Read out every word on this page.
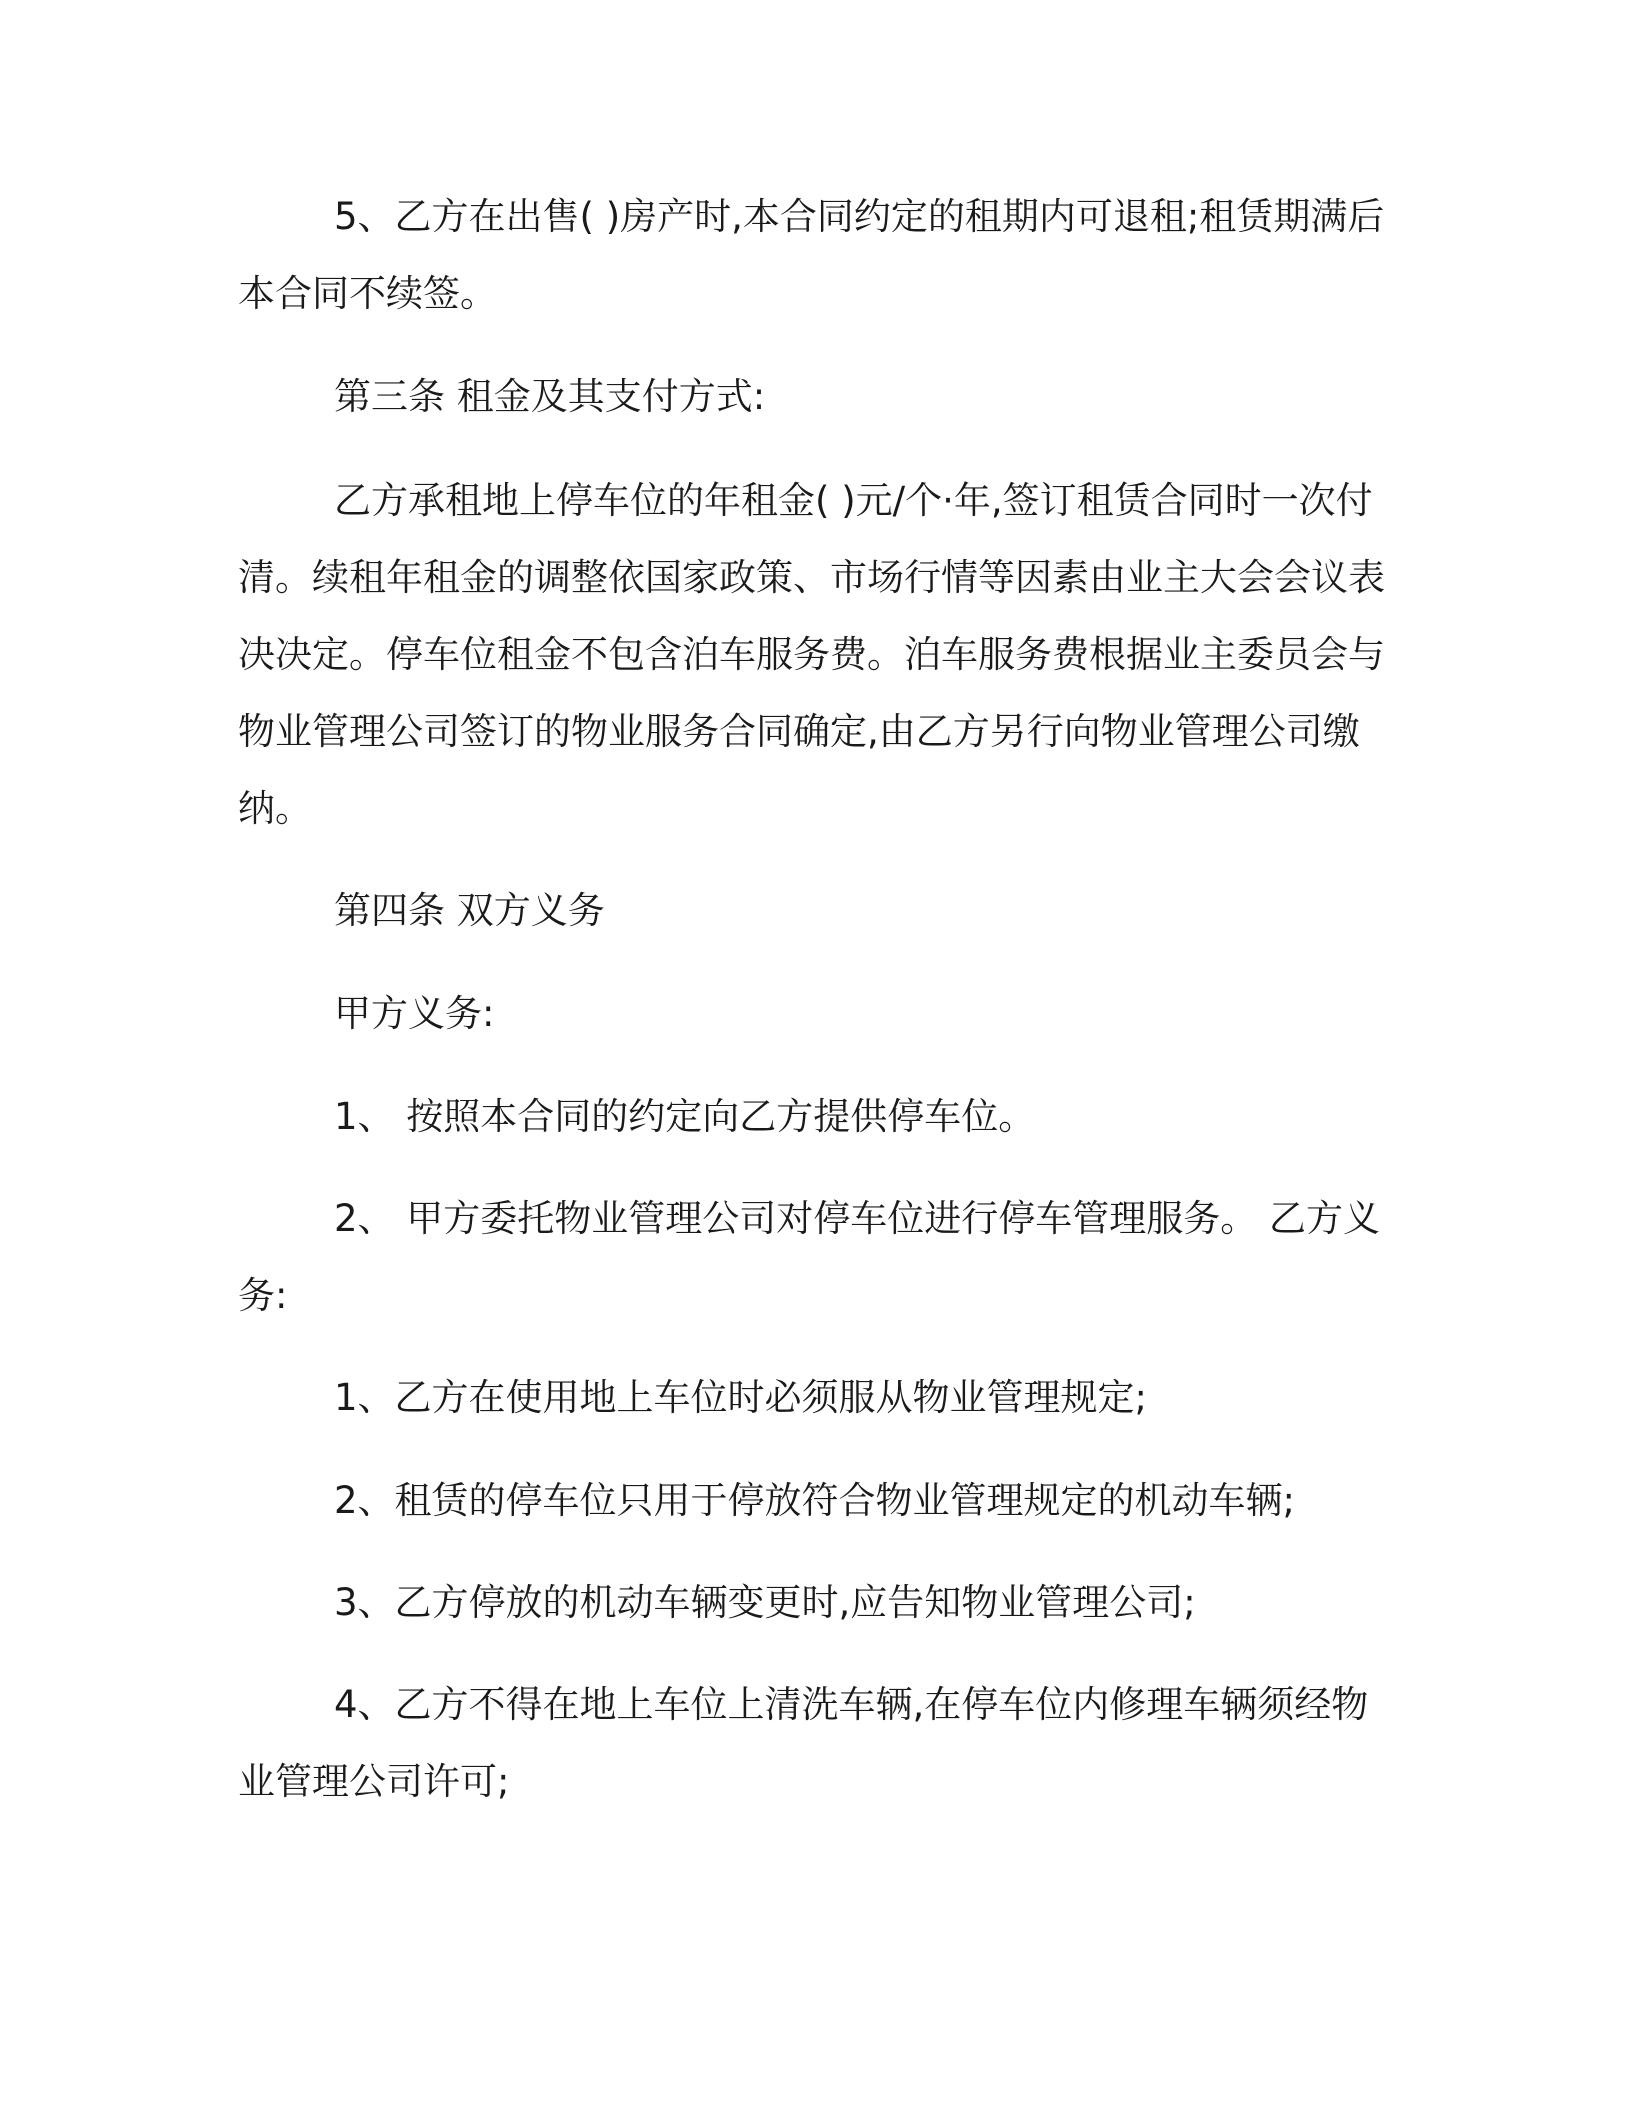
5、乙方在出售( )房产时,本合同约定的租期内可退租;租赁期满后本合同不续签。

第三条 租金及其支付方式:

乙方承租地上停车位的年租金( )元/个·年,签订租赁合同时一次付清。续租年租金的调整依国家政策、市场行情等因素由业主大会会议表决决定。停车位租金不包含泊车服务费。泊车服务费根据业主委员会与物业管理公司签订的物业服务合同确定,由乙方另行向物业管理公司缴纳。

第四条 双方义务

甲方义务:

1、 按照本合同的约定向乙方提供停车位。

2、 甲方委托物业管理公司对停车位进行停车管理服务。 乙方义务:

1、乙方在使用地上车位时必须服从物业管理规定;

2、租赁的停车位只用于停放符合物业管理规定的机动车辆;

3、乙方停放的机动车辆变更时,应告知物业管理公司;

4、乙方不得在地上车位上清洗车辆,在停车位内修理车辆须经物业管理公司许可;
